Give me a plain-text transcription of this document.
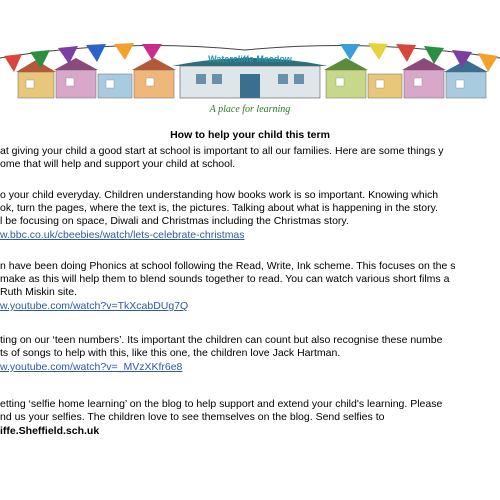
Watercliffe Meadow
A place for learning
How to help your child this term
at giving your child a good start at school is important to all our families. Here are some things y
ome that will help and support your child at school.
o your child everyday. Children understanding how books work is so important. Knowing which
ok, turn the pages, where the text is, the pictures. Talking about what is happening in the story.
l be focusing on space, Diwali and Christmas including the Christmas story.
w.bbc.co.uk/cbeebies/watch/lets-celebrate-christmas
n have been doing Phonics at school following the Read, Write, Ink scheme. This focuses on the s
make as this will help them to blend sounds together to read. You can watch various short films a
Ruth Miskin site.
w.youtube.com/watch?v=TkXcabDUg7Q
ting on our ‘teen numbers’. Its important the children can count but also recognise these numbe
ts of songs to help with this, like this one, the children love Jack Hartman.
w.youtube.com/watch?v=_MVzXKfr6e8
etting ‘selfie home learning’ on the blog to help support and extend your child's learning. Please
nd us your selfies. The children love to see themselves on the blog. Send selfies to
iffe.Sheffield.sch.uk
